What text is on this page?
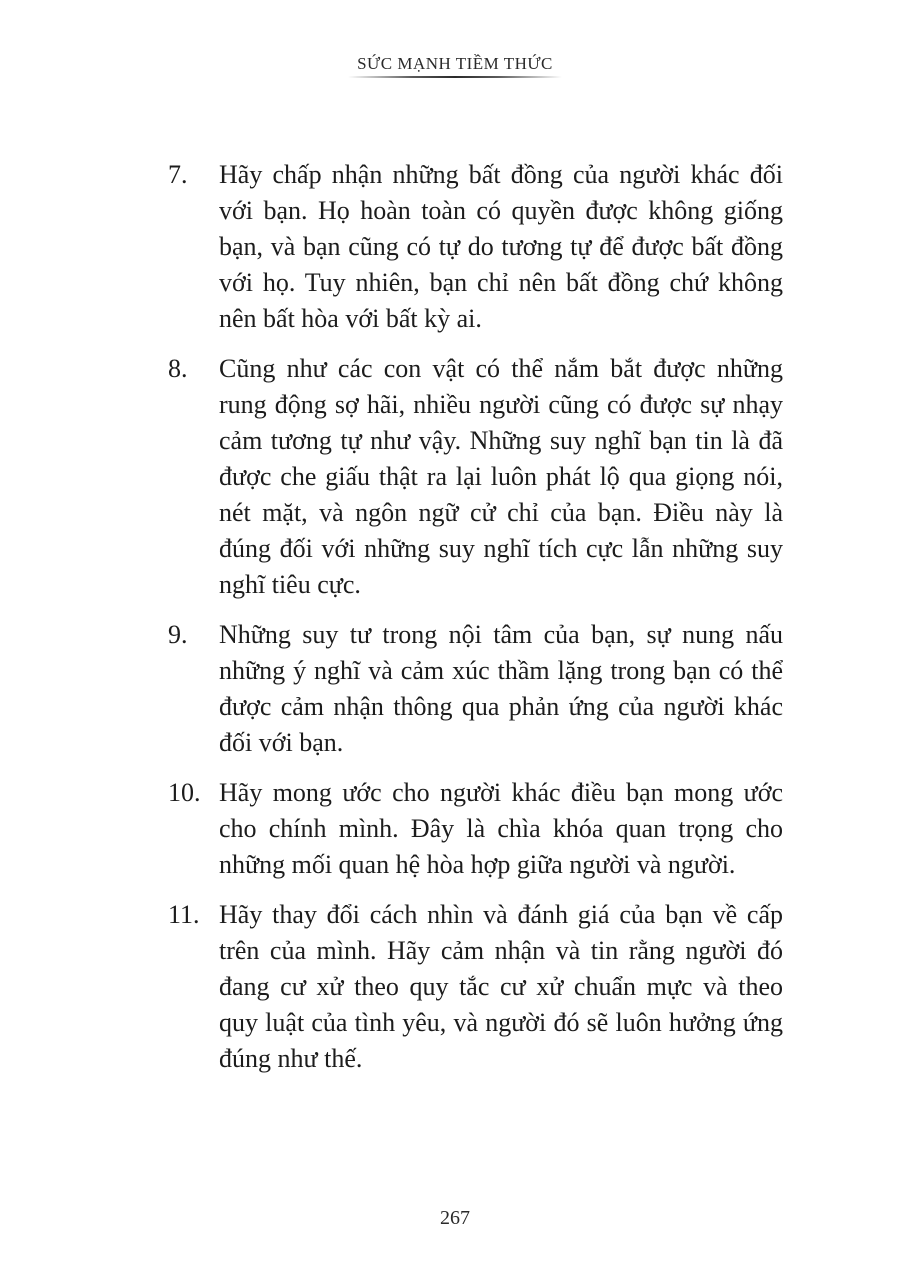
SỨC MẠNH TIỀM THỨC
7. Hãy chấp nhận những bất đồng của người khác đối với bạn. Họ hoàn toàn có quyền được không giống bạn, và bạn cũng có tự do tương tự để được bất đồng với họ. Tuy nhiên, bạn chỉ nên bất đồng chứ không nên bất hòa với bất kỳ ai.

8. Cũng như các con vật có thể nắm bắt được những rung động sợ hãi, nhiều người cũng có được sự nhạy cảm tương tự như vậy. Những suy nghĩ bạn tin là đã được che giấu thật ra lại luôn phát lộ qua giọng nói, nét mặt, và ngôn ngữ cử chỉ của bạn. Điều này là đúng đối với những suy nghĩ tích cực lẫn những suy nghĩ tiêu cực.

9. Những suy tư trong nội tâm của bạn, sự nung nấu những ý nghĩ và cảm xúc thầm lặng trong bạn có thể được cảm nhận thông qua phản ứng của người khác đối với bạn.

10. Hãy mong ước cho người khác điều bạn mong ước cho chính mình. Đây là chìa khóa quan trọng cho những mối quan hệ hòa hợp giữa người và người.

11. Hãy thay đổi cách nhìn và đánh giá của bạn về cấp trên của mình. Hãy cảm nhận và tin rằng người đó đang cư xử theo quy tắc cư xử chuẩn mực và theo quy luật của tình yêu, và người đó sẽ luôn hưởng ứng đúng như thế.

267
